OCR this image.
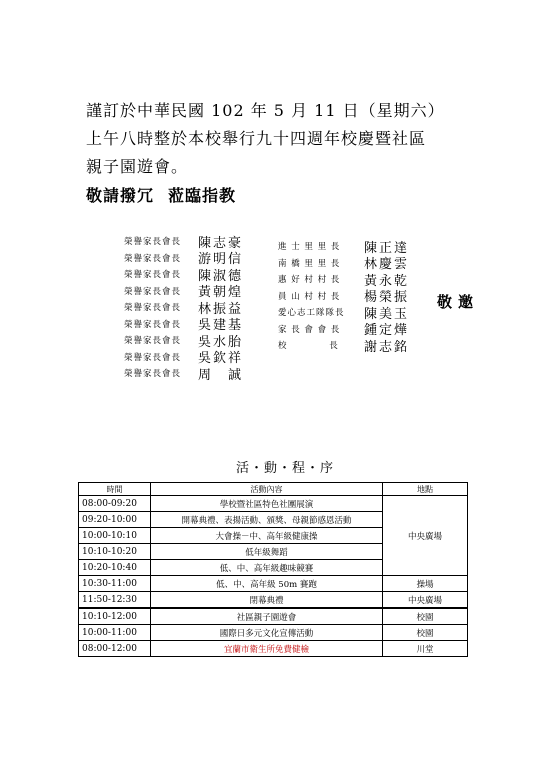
謹訂於中華民國 102 年 5 月 11 日（星期六）
上午八時整於本校舉行九十四週年校慶暨社區
親子園遊會。
敬請撥冗 蒞臨指教
榮譽家長會長	陳志豪
榮譽家長會長	游明信
榮譽家長會長	陳淑德
榮譽家長會長	黃朝煌
榮譽家長會長	林振益
榮譽家長會長	吳建基
榮譽家長會長	吳水胎
榮譽家長會長	吳欽祥
榮譽家長會長	周　誠
進 士 里 里 長	陳正達
南 橋 里 里 長	林慶雲
惠 好 村 村 長	黃永乾
員 山 村 村 長	楊榮振
愛心志工隊隊長	陳美玉
家 長 會 會 長	鍾定燁
校　　　　 長	謝志銘
敬邀
活・動・程・序
時間	活動內容	地點
08:00-09:20	學校暨社區特色社團展演	中央廣場
09:20-10:00	開幕典禮、表揚活動、頒獎、母親節感恩活動	
10:00-10:10	大會操－中、高年級健康操	
10:10-10:20	低年級舞蹈	
10:20-10:40	低、中、高年級趣味競賽	
10:30-11:00	低、中、高年級 50m 賽跑	操場
11:50-12:30	閉幕典禮	中央廣場
10:10-12:00	社區親子園遊會	校園
10:00-11:00	國際日多元文化宣傳活動	校園
08:00-12:00	宜蘭市衛生所免費健檢	川堂
